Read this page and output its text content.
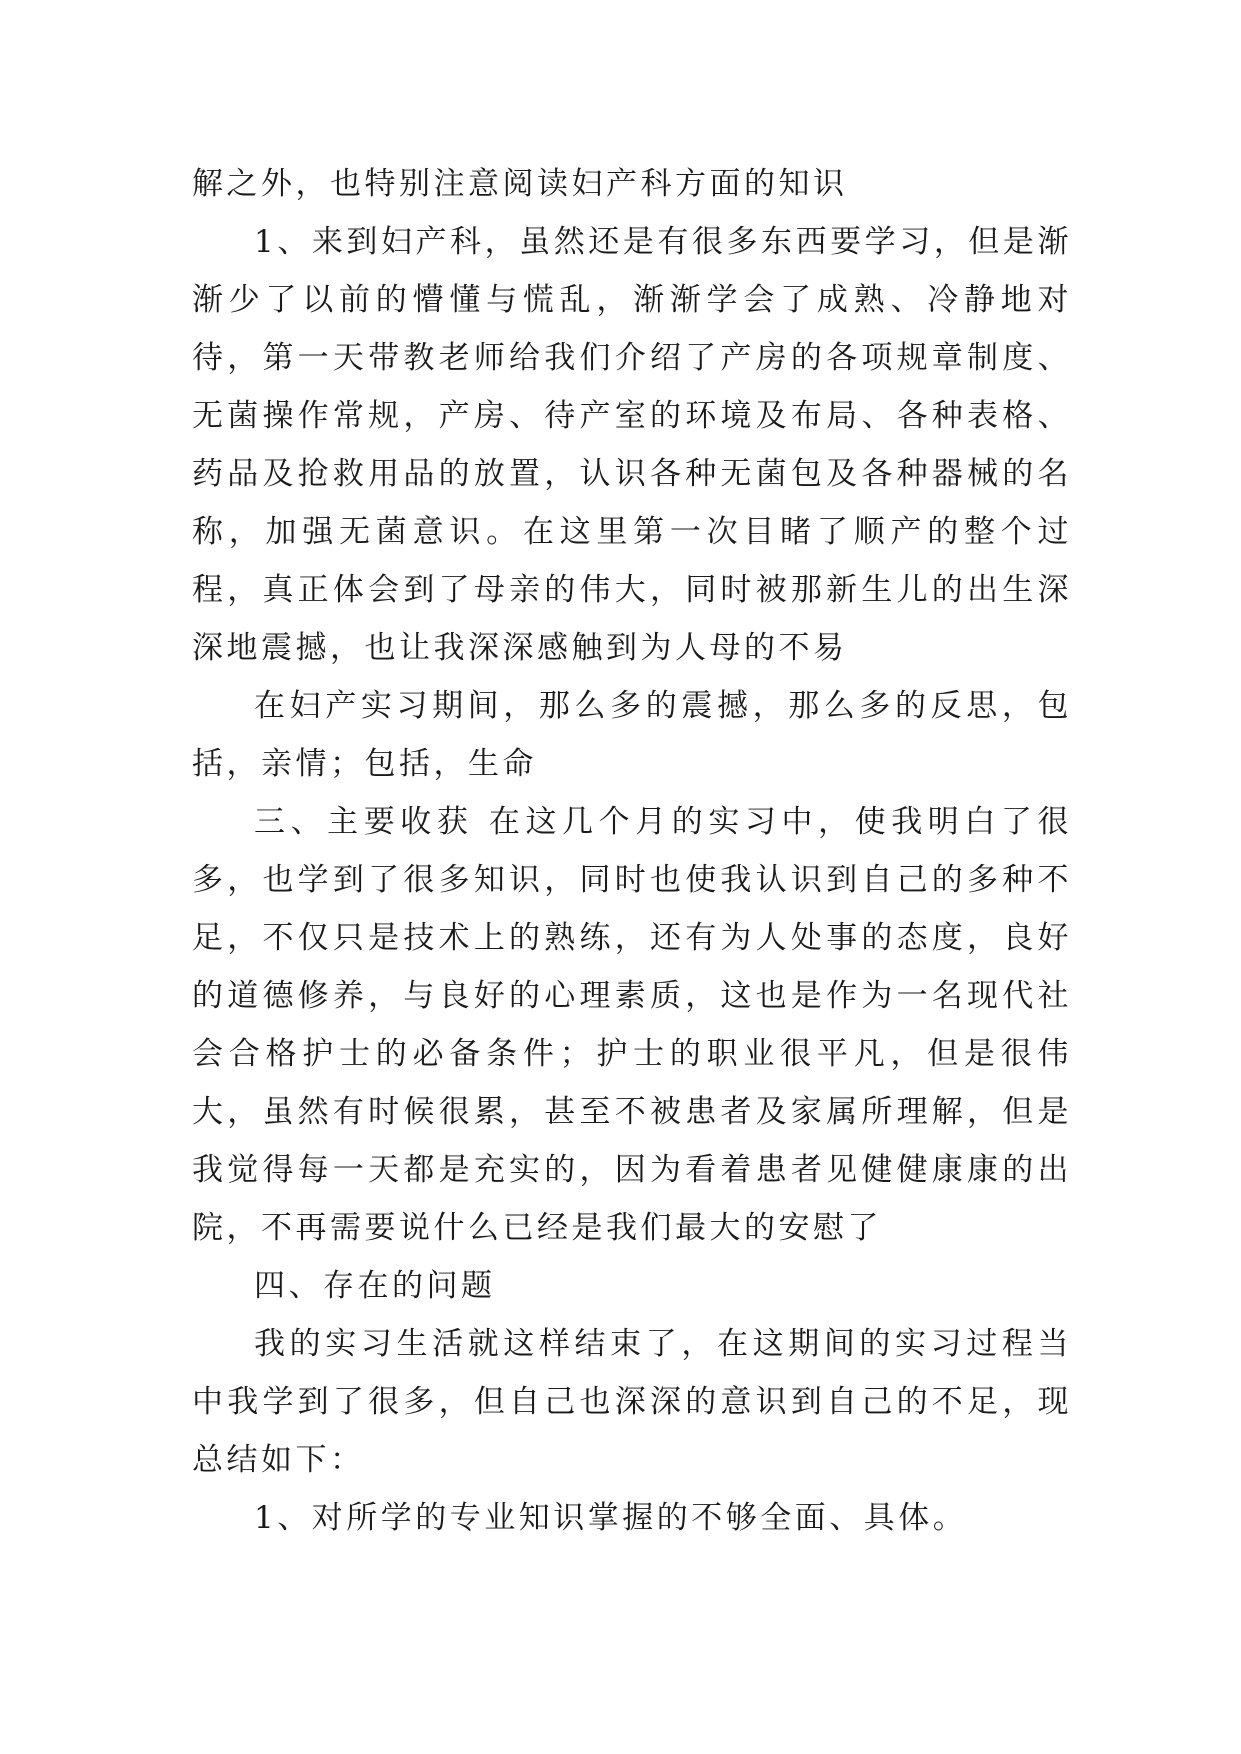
解之外，也特别注意阅读妇产科方面的知识

1、来到妇产科，虽然还是有很多东西要学习，但是渐渐少了以前的懵懂与慌乱，渐渐学会了成熟、冷静地对待，第一天带教老师给我们介绍了产房的各项规章制度、无菌操作常规，产房、待产室的环境及布局、各种表格、药品及抢救用品的放置，认识各种无菌包及各种器械的名称，加强无菌意识。在这里第一次目睹了顺产的整个过程，真正体会到了母亲的伟大，同时被那新生儿的出生深深地震撼，也让我深深感触到为人母的不易

在妇产实习期间，那么多的震撼，那么多的反思，包括，亲情；包括，生命

三、主要收获 在这几个月的实习中，使我明白了很多，也学到了很多知识，同时也使我认识到自己的多种不足，不仅只是技术上的熟练，还有为人处事的态度，良好的道德修养，与良好的心理素质，这也是作为一名现代社会合格护士的必备条件；护士的职业很平凡，但是很伟大，虽然有时候很累，甚至不被患者及家属所理解，但是我觉得每一天都是充实的，因为看着患者见健健康康的出院，不再需要说什么已经是我们最大的安慰了

四、存在的问题

我的实习生活就这样结束了，在这期间的实习过程当中我学到了很多，但自己也深深的意识到自己的不足，现总结如下：

1、对所学的专业知识掌握的不够全面、具体。
